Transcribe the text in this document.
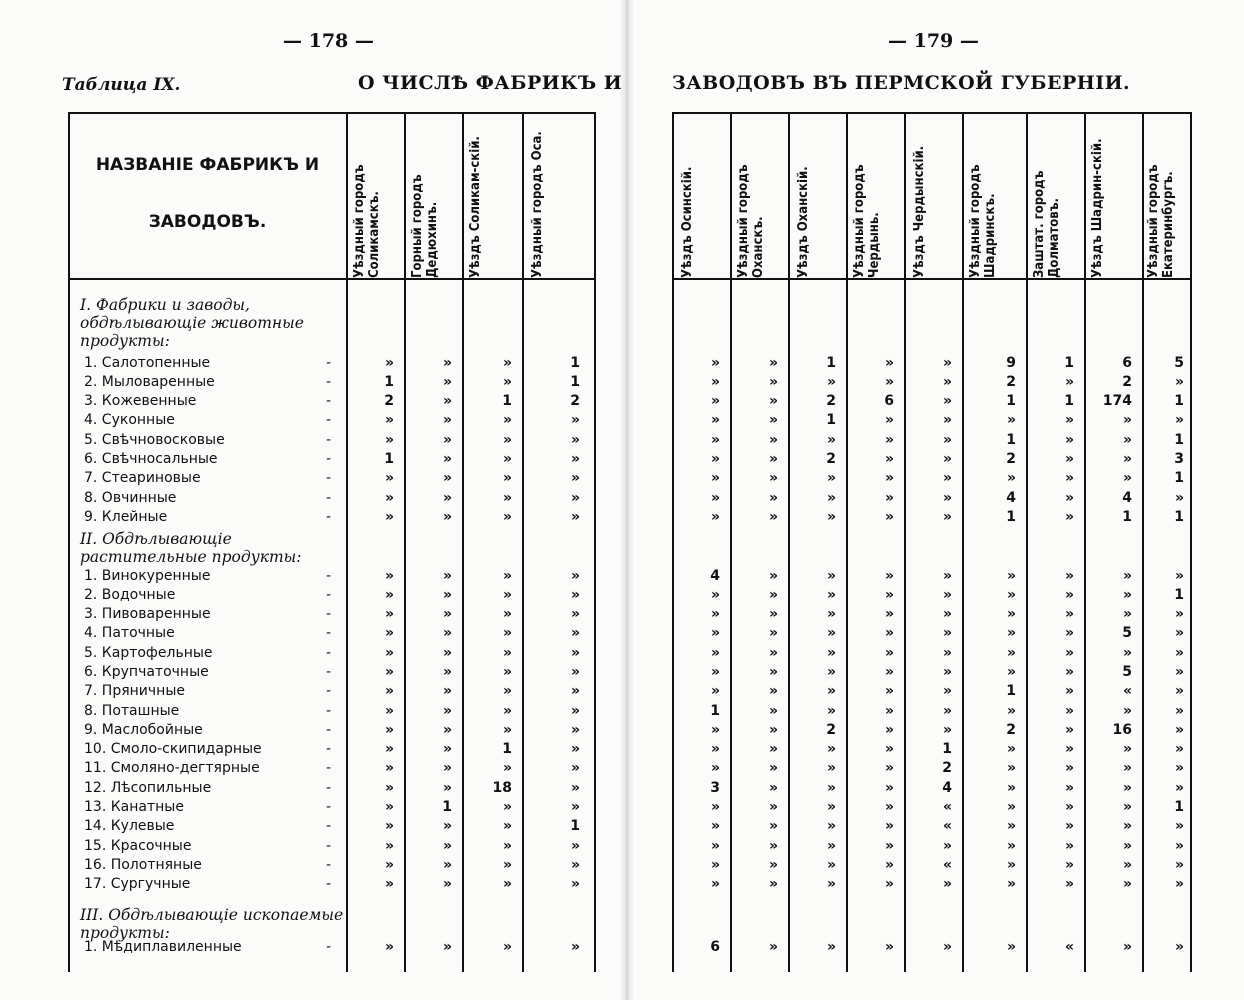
— 178 —	— 179 —
Таблица IX.	О ЧИСЛѢ ФАБРИКЪ И	ЗАВОДОВЪ ВЪ ПЕРМСКОЙ ГУБЕРНIИ.
НАЗВАНIЕ ФАБРИКЪ И
ЗАВОДОВЪ.	Уѣздный городъ Соликамскъ.	Горный городъ Дедюхинъ.	Уѣздъ Соликам-скій.	Уѣздный городъ Оса.	Уѣздъ Осинскій.	Уѣздный городъ Оханскъ.	Уѣздъ Оханскій.	Уѣздный городъ Чердынь.	Уѣздъ Чердынскій.	Уѣздный городъ Шадринскъ.	Заштат. городъ Долматовъ.	Уѣздъ Шадрин-скій.	Уѣздный городъ Екатеринбургъ.
I. Фабрики и заводы, обдѣлывающіе животные продукты:
II. Обдѣлывающіе растительные продукты:
III. Обдѣлывающіе ископаемые продукты:
1. Салотопенные	-	»	»	»	1	»	»	1	»	»	9	1	6	5
2. Мыловаренные	-	1	»	»	1	»	»	»	»	»	2	»	2	»
3. Кожевенные	-	2	»	1	2	»	»	2	6	»	1	1	174	1
4. Суконные	-	»	»	»	»	»	»	1	»	»	»	»	»	»
5. Свѣчновосковые	-	»	»	»	»	»	»	»	»	»	1	»	»	1
6. Свѣчносальные	-	1	»	»	»	»	»	2	»	»	2	»	»	3
7. Стеариновые	-	»	»	»	»	»	»	»	»	»	»	»	»	1
8. Овчинные	-	»	»	»	»	»	»	»	»	»	4	»	4	»
9. Клейные	-	»	»	»	»	»	»	»	»	»	1	»	1	1
1. Винокуренные	-	»	»	»	»	4	»	»	»	»	»	»	»	»
2. Водочные	-	»	»	»	»	»	»	»	»	»	»	»	»	1
3. Пивоваренные	-	»	»	»	»	»	»	»	»	»	»	»	»	»
4. Паточные	-	»	»	»	»	»	»	»	»	»	»	»	5	»
5. Картофельные	-	»	»	»	»	»	»	»	»	»	»	»	»	»
6. Крупчаточные	-	»	»	»	»	»	»	»	»	»	»	»	5	»
7. Пряничные	-	»	»	»	»	»	»	»	»	»	1	»	«	»
8. Поташные	-	»	»	»	»	1	»	»	»	»	»	»	»	»
9. Маслобойные	-	»	»	»	»	»	»	2	»	»	2	»	16	»
10. Смоло-скипидарные	-	»	»	1	»	»	»	»	»	1	»	»	»	»
11. Смоляно-дегтярные	-	»	»	»	»	»	»	»	»	2	»	»	»	»
12. Лѣсопильные	-	»	»	18	»	3	»	»	»	4	»	»	»	»
13. Канатные	-	»	1	»	»	»	»	»	»	«	»	»	»	1
14. Кулевые	-	»	»	»	1	»	»	»	»	«	»	»	»	»
15. Красочные	-	»	»	»	»	»	»	»	»	»	»	»	»	»
16. Полотняные	-	»	»	»	»	»	»	»	»	«	»	»	»	»
17. Сургучные	-	»	»	»	»	»	»	»	»	»	»	»	»	»
1. Мѣдиплавиленные	-	»	»	»	»	6	»	»	»	»	»	«	»	»
